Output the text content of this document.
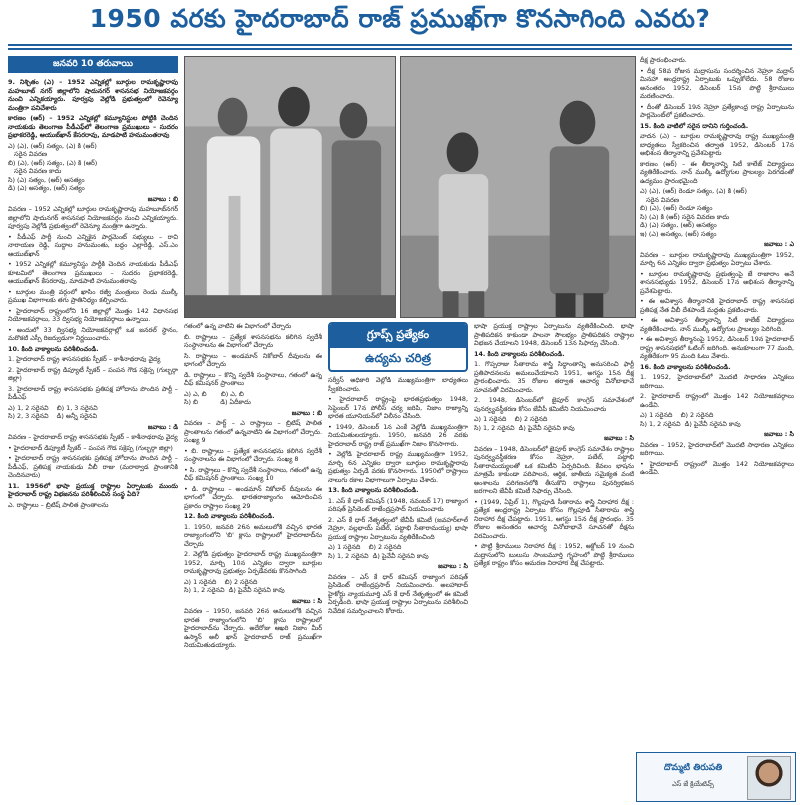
1950 వరకు హైదరాబాద్ రాజ్ ప్రముఖ్‌గా కొనసాగింది ఎవరు?
జనవరి 10 తరువాయి

9. నిశ్చితం (ఎ) – 1952 ఎన్నికల్లో బూర్గుల రామకృష్ణారావు మహబూబ్ నగర్ జిల్లాలోని షాదునగర్ శాసనసభ నియోజకవర్గం నుంచి ఎన్నికయ్యారు. పూర్వపు వెల్లోడి ప్రభుత్వంలో రెవెన్యూ మంత్రిగా పనిచేశారు

కారణం (ఆర్) – 1952 ఎన్నికల్లో కమ్యూనిస్టుల పోట్టికి చెందిన నాయకుడు తెలంగాణ పీడీఎఫ్‌లో తెలంగాణ ప్రముఖులు – సుదరం ప్రభాకరరెడ్డి, ఆయుబ్‌ఖాన్ కేసరరావు, మాడపాటి హనుమంతరావు

ఎ) (ఎ), (ఆర్) సత్యం, (ఎ) కి (ఆర్)
సరైన వివరణ
బి) (ఎ), (ఆర్) సత్యం, (ఎ) కి (ఆర్)
సరైన వివరణ కాదు
సి) (ఎ) సత్యం, (ఆర్) అసత్యం
డి) (ఎ) అసత్యం, (ఆర్) సత్యం

జవాబు : బి

వివరణ – 1952 ఎన్నికల్లో బూర్గుల రామకృష్ణారావు మహబూబ్‌నగర్ జిల్లాలోని షాదునగర్ శాసనసభ నియోజకవర్గం నుంచి ఎన్నికయ్యారు. పూర్వపు వెల్లోడి ప్రభుత్వంలో రెవెన్యూ మంత్రిగా ఉన్నారు.

• పీడీఎఫ్ పార్టీ నుంచి ఎన్నికైన పార్లమెంట్ సభ్యులు – రావి నారాయణ రెడ్డి, సుద్దాల హనుమంతు, బద్దం ఎల్లారెడ్డి, ఎస్.ఎం ఆయుబ్‌ఖాన్

• 1952 ఎన్నికల్లో కమ్యూనిస్టు పార్టీకి చెందిన నాయకుడు పీడీఎఫ్ కూటమిలో తెలంగాణ ప్రముఖులు – సుదరం ప్రభాకరరెడ్డి, ఆయుబ్‌ఖాన్ కేసరరావు, మాడపాటి హనుమంతరావు

• బూర్గుల మంత్రి వర్గంలో ఖాసిం రజ్వీ మంత్రులు రెండు ముల్కీ ప్రముఖ విభాగాలకు తగు ప్రాతినిధ్యం కల్పించారు.

• హైదరాబాద్ రాష్ట్రంలోని 16 జిల్లాల్లో మొత్తం 142 విధానసభ నియోజకవర్గాలు, 33 ద్విసభ్య నియోజకవర్గాలు ఉన్నాయి.

• అందులో 33 ద్విసభ్య నియోజకవర్గాల్లో ఒక జనరల్ స్థానం, మరొకటి ఎస్సీ రిజర్వుడుగా నిర్ణయించారు.

10. కింది వాక్యాలను పరిశీలించండి.

1. హైదరాబాద్ రాష్ట్ర శాసనసభకు స్పీకర్ – కాశీనాథరావు వైద్య

2. హైదరాబాద్ రాష్ట్ర డిప్యూటీ స్పీకర్ – పంపన గౌడ సక్రెప్ప (గుల్బర్గా జిల్లా)

3. హైదరాబాద్ రాష్ట్ర శాసనసభకు ప్రతిపక్ష హోదాను పొందిన పార్టీ – పీడీఎఫ్

ఎ) 1, 2 సరైనవి    బి) 1, 3 సరైనవి
సి) 2, 3 సరైనవి    డి) అన్నీ సరైనవి

జవాబు : డి

వివరణ – హైదరాబాద్ రాష్ట్ర శాసనసభకు స్పీకర్ – కాశీనాథరావు వైద్య

• హైదరాబాద్ డిప్యూటీ స్పీకర్ – పంపన గౌడ సక్రెప్ప (గుల్బర్గా జిల్లా)

• హైదరాబాద్ రాష్ట్ర శాసనసభకు ప్రతిపక్ష హోదాను పొందిన పార్టీ – పీడీఎఫ్, ప్రతిపక్ష నాయకుడు వీబీ రాజు (మరాఠ్వాడ ప్రాంతానికి చెందినవారు)

11. 1956లో భాషా ప్రయుక్త రాష్ట్రాల ఏర్పాటుకు ముందు హైదరాబాద్ రాష్ట్ర విభజనను పరిశీలించిన సంస్థ ఏది?

ఎ. రాష్ట్రాలు – బ్రిటిష్ పాలిత ప్రాంతాలను

గతంలో ఉన్న వాటిని ఈ విభాగంలో చేర్చారు

బి. రాష్ట్రాలు – ప్రత్యేక శాసనసభను కలిగిన స్వదేశీ సంస్థానాలను ఈ విభాగంలో చేర్చారు

సి. రాష్ట్రాలు – అండమాన్ నికోబార్ దీవులను ఈ భాగంలో చేర్చారు

డి. రాష్ట్రాలు – కొన్ని స్వదేశీ సంస్థానాలు, గతంలో ఉన్న చీఫ్ కమిషనర్ ప్రాంతాలు

ఎ) ఎ, బి       బి) ఎ, బి
సి) బి           డి) ఏదీకాదు

జవాబు : బి

వివరణ – పార్ట్ – ఎ రాష్ట్రాలు – బ్రిటిష్ పాలిత ప్రాంతాలను గతంలో ఉన్నవాటిని ఈ విభాగంలో చేర్చారు. సంఖ్య 9

• బి. రాష్ట్రాలు – ప్రత్యేక శాసనసభను కలిగిన స్వదేశీ సంస్థానాలను ఈ విభాగంలో చేర్చారు. సంఖ్య 8

• సి. రాష్ట్రాలు – కొన్ని స్వదేశీ సంస్థానాలు, గతంలో ఉన్న చీఫ్ కమిషనర్ ప్రాంతాలు. సంఖ్య 10

• డి. రాష్ట్రాలు – అండమాన్ నికోబార్ దీవులను ఈ భాగంలో చేర్చారు. భారతరాజ్యాంగం ఆమోదించిన ప్రకారం రాష్ట్రాల సంఖ్య 29

12. కింది వాక్యాలను పరిశీలించండి.

1. 1950, జనవరి 26న అమలులోకి వచ్చిన భారత రాజ్యాంగంలోని 'బి' క్లాసు రాష్ట్రాలలో హైదరాబాద్‌ను చేర్చారు

2. వెల్లోడి ప్రభుత్వం హైదరాబాద్ రాష్ట్ర ముఖ్యమంత్రిగా 1952, మార్చి 10న ఎన్నికల ద్వారా బూర్గుల రామకృష్ణారావు ప్రభుత్వం ఏర్పడేవరకు కొనసాగింది

ఎ) 1 సరైనది    బి) 2 సరైనది
సి) 1, 2 సరైనవి  డి) పైవేవీ సరైనవి కావు

జవాబు : సి

వివరణ – 1950, జనవరి 26న అమలులోకి వచ్చిన భారత రాజ్యాంగంలోని 'బి' క్లాసు రాష్ట్రాలలో హైదరాబాద్‌ను చేర్చారు. అదేరోజు ఆఖరి నిజాం మీర్ ఉస్మాన్ అలీ ఖాన్ హైదరాబాద్ రాజ్ ప్రముఖ్‌గా నియమితుడయ్యారు.

గ్రూప్స్ ప్రత్యేకం
ఉద్యమ చరిత్ర

సర్వీస్ అధికారి వెల్లోడి ముఖ్యమంత్రిగా బాధ్యతలు స్వీకరించారు.

• హైదరాబాద్ రాష్ట్రంపై భారతప్రభుత్వం 1948, సెప్టెంబర్ 17న పోలీస్ చర్య జరిపి, నిజాం రాజ్యాన్ని భారత యూనియన్‌లో విలీనం చేసింది.

• 1949, డిసెంబర్ 1న ఎంకే వెల్లోడి ముఖ్యమంత్రిగా నియమితులయ్యారు. 1950, జనవరి 26 వరకు హైదరాబాద్ రాష్ట్ర రాజ్ ప్రముఖ్‌గా నిజాం కొనసాగారు.

• వెల్లోడి హైదరాబాద్ రాష్ట్ర ముఖ్యమంత్రిగా 1952, మార్చి 6న ఎన్నికల ద్వారా బూర్గుల రామకృష్ణారావు ప్రభుత్వం ఏర్పడే వరకు కొనసాగారు. 1950లో రాష్ట్రాలు నాలుగు రకాల విభాగాలుగా ఏర్పాటు చేశారు.

13. కింది వాక్యాలను పరిశీలించండి.

1. ఎస్ కే ధార్ కమిషన్ (1948, నవంబర్ 17) రాజ్యాంగ పరిషత్ ప్రెసిడెంట్ రాజేంద్రప్రసాద్ నియమించారు

2. ఎస్ కే ధార్ నేతృత్వంలో జేవీపీ కమిటీ (జవహర్‌లాల్ నెహ్రూ, వల్లభాయ్ పటేల్, పట్టాభి సీతారామయ్య) భాషా ప్రయుక్త రాష్ట్రాల ఏర్పాటును వ్యతిరేకించింది

ఎ) 1 సరైనది    బి) 2 సరైనది
సి) 1, 2 సరైనవి  డి) పైవేవీ సరైనవి కావు

జవాబు : సి

వివరణ – ఎస్ కే ధార్ కమిషన్ రాజ్యాంగ పరిషత్ ప్రెసిడెంట్ రాజేంద్రప్రసాద్ నియమించారు. అలహాబాద్ హైకోర్టు న్యాయమూర్తి ఎస్ కే ధార్ నేతృత్వంలో ఈ కమిటీ ఏర్పడింది. భాషా ప్రయుక్త రాష్ట్రాల ఏర్పాటును పరిశీలించి నివేదిక సమర్పించాలని కోరారు.

భాషా ప్రయుక్త రాష్ట్రాల ఏర్పాటును వ్యతిరేకించింది. భాషా ప్రాతిపదికన కాకుండా పాలనా సౌలభ్యం ప్రాతిపదికన రాష్ట్రాల విభజన చేయాలని 1948, డిసెంబర్ 13న సిఫార్సు చేసింది.

14. కింది వాక్యాలను పరిశీలించండి.

1. గొప్పరాజు సీతారామ శాస్త్రి సిద్ధాంతాన్ని అనుసరించి ఫార్టీ ప్రతిపాదనలను అమలుచేయాలని 1951, అగస్టు 15న దీక్ష ప్రారంభించారు. 35 రోజుల తర్వాత ఆచార్య వినోబాభావే సూచనతో విరమించారు.

2. 1948, డిసెంబర్‌లో జైపూర్ కాంగ్రెస్ సమావేశంలో పునర్వ్యవస్థీకరణ కోసం జేవీపీ కమిటీని నియమించారు

ఎ) 1 సరైనది    బి) 2 సరైనది
సి) 1, 2 సరైనవి  డి) పైవేవీ సరైనవి కావు

జవాబు : సి

వివరణ – 1948, డిసెంబర్‌లో జైపూర్ కాంగ్రెస్ సమావేశం రాష్ట్రాల పునర్వ్యవస్థీకరణ కోసం నెహ్రూ, పటేల్, పట్టాభి సీతారామయ్యలతో ఒక కమిటీని ఏర్పరిచింది. కేవలం భాషను మాత్రమే కాకుండా పరిపాలన, ఆర్థిక, జాతీయ సమైక్యత వంటి అంశాలను పరిగణనలోకి తీసుకొని రాష్ట్రాలు పునర్విభజన జరగాలని జేవీపీ కమిటీ సిఫార్సు చేసింది.

• (1949, ఏప్రిల్ 1), గొల్లపూడి సీతారామ శాస్త్రి నిరాహార దీక్ష : ప్రత్యేక ఆంధ్రరాష్ట్ర ఏర్పాటు కోసం గొల్లపూడి సీతారామ శాస్త్రి నిరాహార దీక్ష చేపట్టారు. 1951, ఆగస్టు 15న దీక్ష ప్రారంభం. 35 రోజుల అనంతరం ఆచార్య వినోబాభావే సూచనతో దీక్షను విరమించారు.

• పొట్టి శ్రీరాములు నిరాహార దీక్ష : 1952, అక్టోబర్ 19 నుంచి మద్రాసులోని బులుసు సాంబమూర్తి గృహంలో పొట్టి శ్రీరాములు ప్రత్యేక రాష్ట్రం కోసం ఆమరణ నిరాహార దీక్ష చేపట్టారు.

దీక్ష ప్రారంభించారు.

• దీక్ష 58వ రోజున మద్రాసును సందర్శించిన నెహ్రూ మద్రాస్ మినహా ఆంధ్రరాష్ట్ర ఏర్పాటుకు ఒప్పుకోలేదు. 58 రోజుల అనంతరం 1952, డిసెంబర్ 15న పొట్టి శ్రీరాములు మరణించారు.

• దీంతో డిసెంబర్ 19న నెహ్రూ ప్రత్యేకాంధ్ర రాష్ట్ర ఏర్పాటును పార్లమెంట్‌లో ప్రకటించారు.

15. కింది వాటిలో సరైన దానిని గుర్తించండి.

వాదన (ఎ) – బూర్గుల రామకృష్ణారావు రాష్ట్ర ముఖ్యమంత్రి బాధ్యతలు స్వీకరించిన తర్వాత 1952, డిసెంబర్ 17న అభిశంస తీర్మానాన్ని ప్రవేశపెట్టారు

కారణం (ఆర్) – ఈ తీర్మానాన్ని సిటీ కాలేజ్ విద్యార్థులు వ్యతిరేకించారు. నాన్ ముల్కీ ఉద్యోగుల ప్రాబల్యం పెరగడంతో ఉద్యమం ప్రారంభమైంది

ఎ) (ఎ), (ఆర్) రెండూ సత్యం, (ఎ) కి (ఆర్)
సరైన వివరణ
బి) (ఎ), (ఆర్) రెండూ సత్యం
సి) (ఎ) కి (ఆర్) సరైన వివరణ కాదు
డి) (ఎ) సత్యం, (ఆర్) అసత్యం
ఇ) (ఎ) అసత్యం, (ఆర్) సత్యం

జవాబు : ఎ

వివరణ – బూర్గుల రామకృష్ణారావు ముఖ్యమంత్రిగా 1952, మార్చి 6న ఎన్నికల ద్వారా ప్రభుత్వం ఏర్పాటు చేశారు.

• బూర్గుల రామకృష్ణారావు ప్రభుత్వంపై జే రాజారాం అనే శాసనసభ్యుడు 1952, డిసెంబర్ 17న అభిశంస తీర్మానాన్ని ప్రవేశపెట్టారు.

• ఈ అవిశ్వాస తీర్మానానికి హైదరాబాద్ రాష్ట్ర శాసనసభ ప్రతిపక్ష నేత వీబీ దేశపాండే మద్దతు ప్రకటించారు.

• ఈ అవిశ్వాస తీర్మానాన్ని సిటీ కాలేజ్ విద్యార్థులు వ్యతిరేకించారు. నాన్ ముల్కీ ఉద్యోగుల ప్రాబల్యం పెరిగింది.

• ఈ అవిశ్వాస తీర్మానంపై 1952, డిసెంబర్ 19న హైదరాబాద్ రాష్ట్ర శాసనసభలో ఓటింగ్ జరిగింది. అనుకూలంగా 77 మంది, వ్యతిరేకంగా 95 మంది ఓటు వేశారు.

16. కింది వాక్యాలను పరిశీలించండి.

1. 1952, హైదరాబాద్‌లో మొదటి సాధారణ ఎన్నికలు జరిగాయి.

2. హైదరాబాద్ రాష్ట్రంలో మొత్తం 142 నియోజకవర్గాలు ఉండేవి.

ఎ) 1 సరైనది    బి) 2 సరైనది
సి) 1, 2 సరైనవి  డి) పైవేవీ సరైనవి కావు

జవాబు : సి

వివరణ – 1952, హైదరాబాద్‌లో మొదటి సాధారణ ఎన్నికలు జరిగాయి.

• హైదరాబాద్ రాష్ట్రంలో మొత్తం 142 నియోజకవర్గాలు ఉండేవి.

దొమ్మటి తిరుపతి
ఎస్ జే క్రియేటివ్స్
